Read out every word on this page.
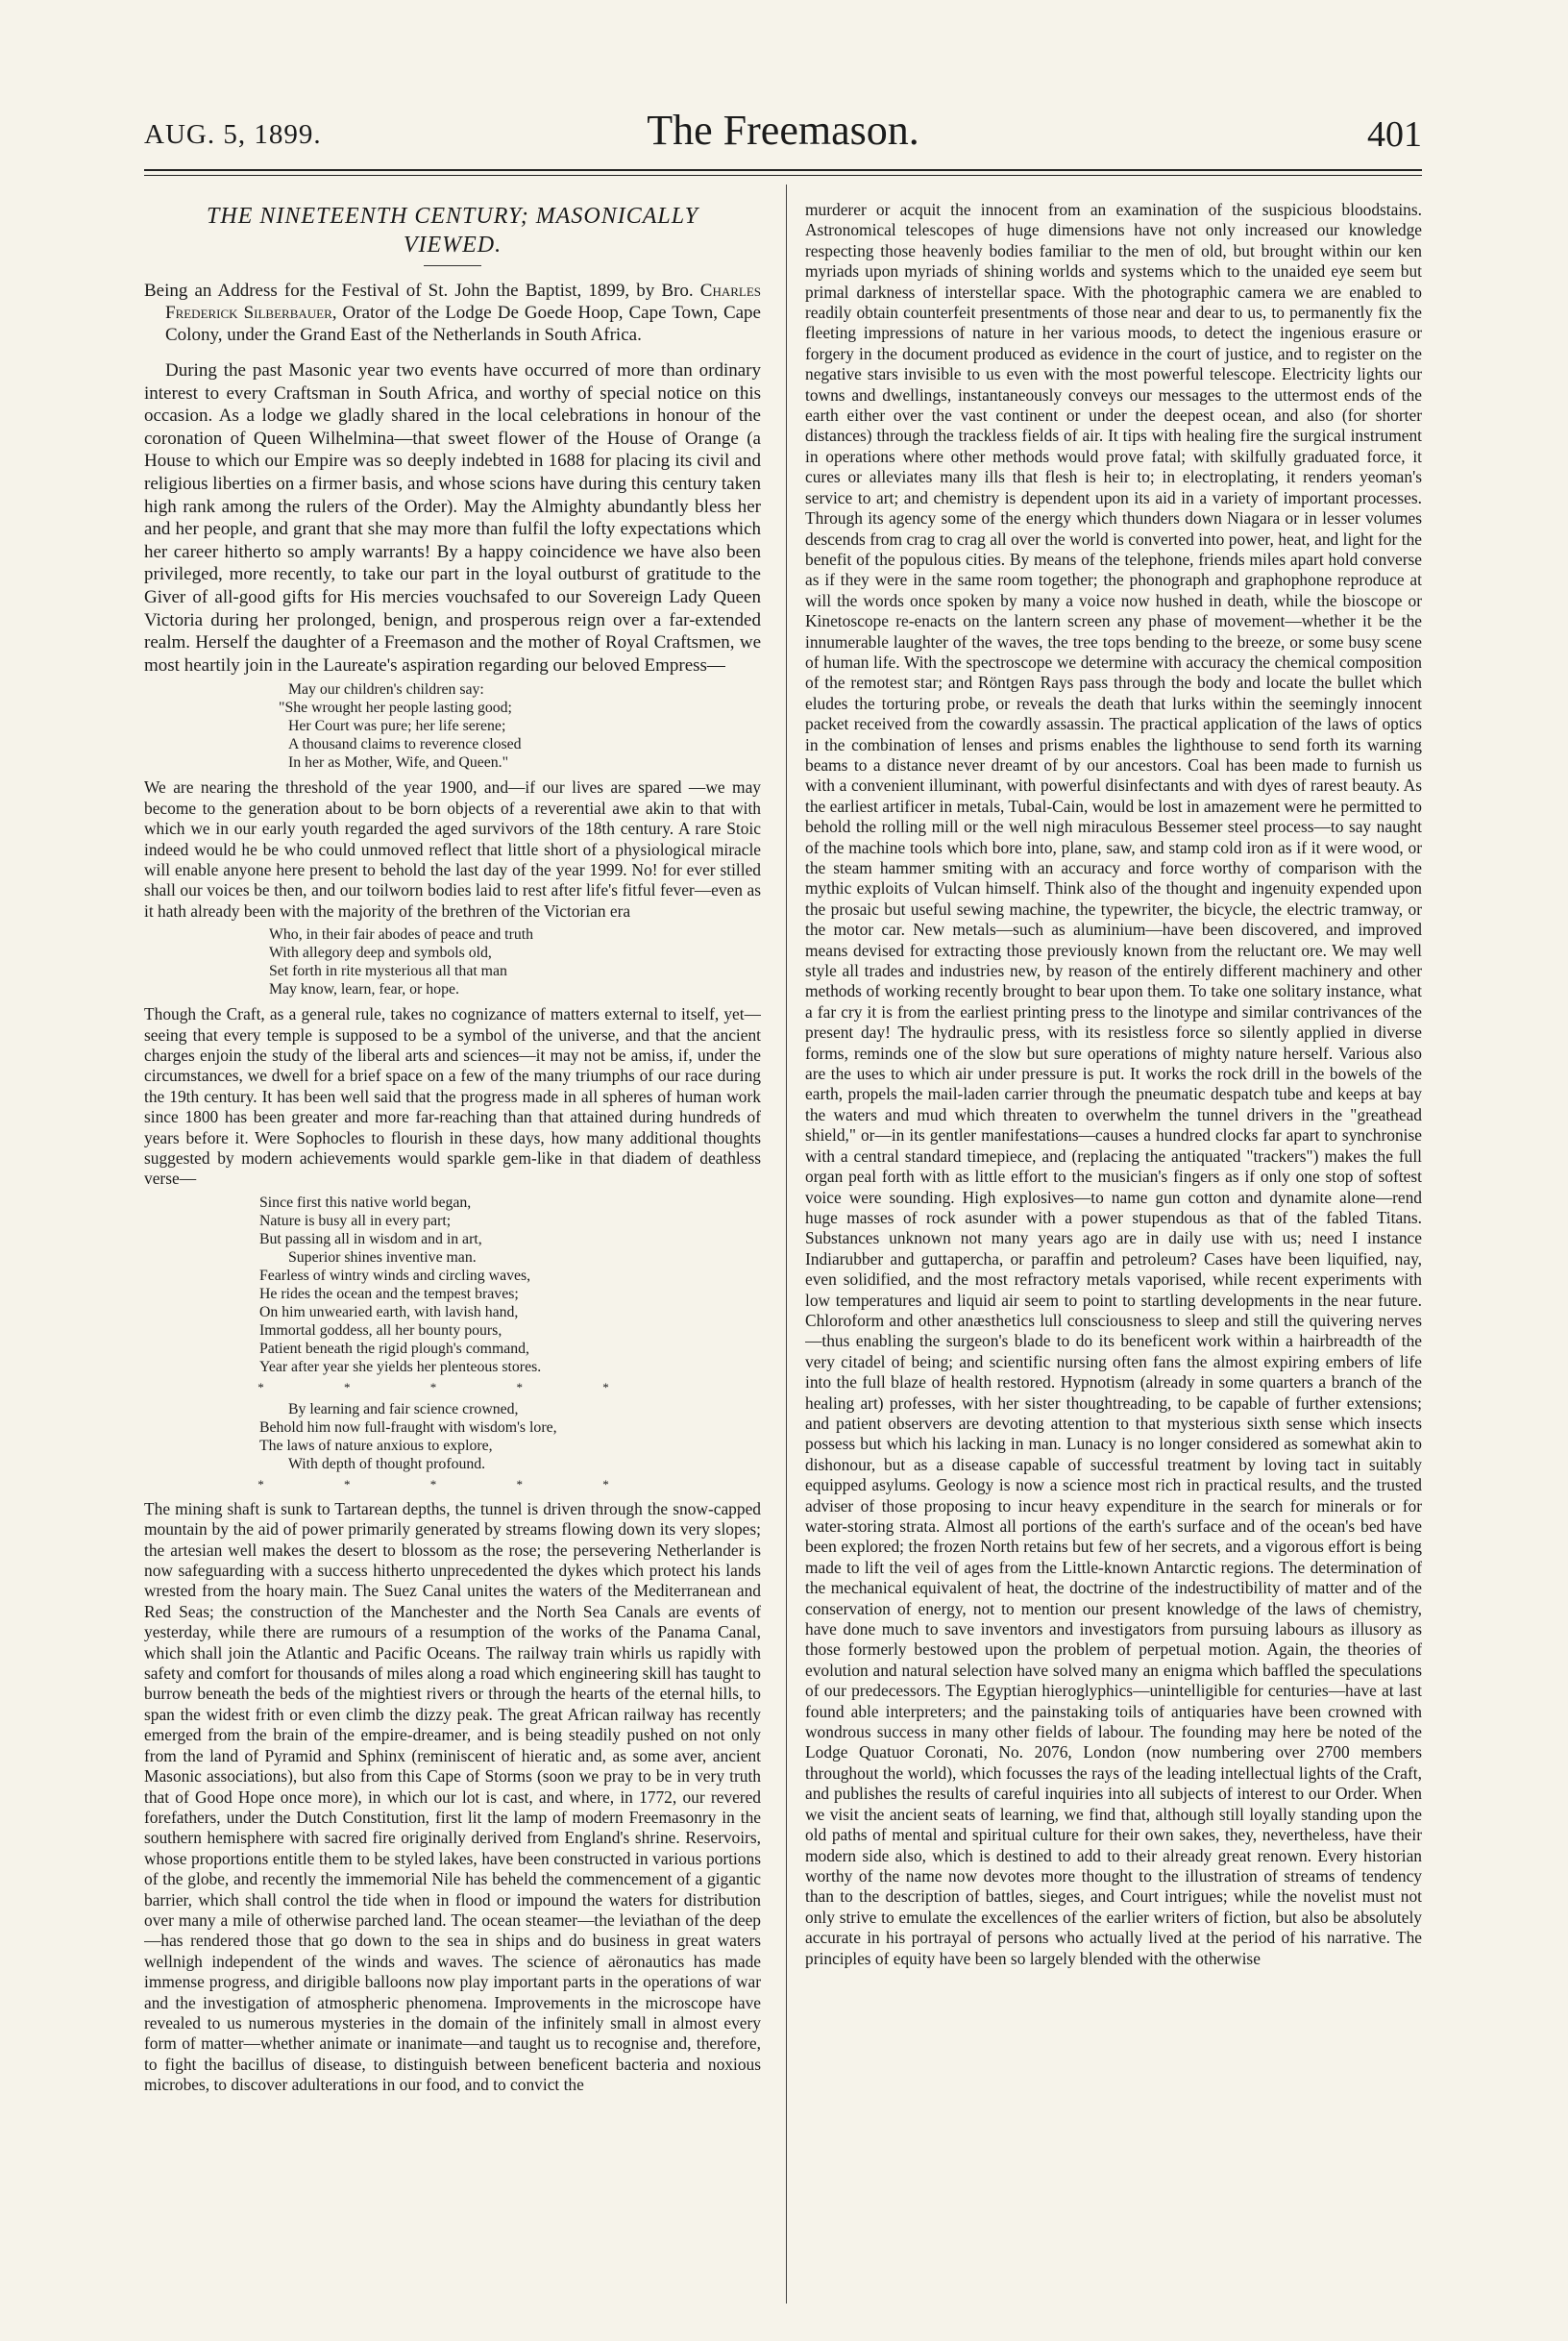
AUG. 5, 1899.	The Freemason.	401
THE NINETEENTH CENTURY; MASONICALLY
VIEWED.

Being an Address for the Festival of St. John the Baptist, 1899, by Bro. Charles Frederick Silberbauer, Orator of the Lodge De Goede Hoop, Cape Town, Cape Colony, under the Grand East of the Netherlands in South Africa.

During the past Masonic year two events have occurred of more than ordinary interest to every Craftsman in South Africa, and worthy of special notice on this occasion. As a lodge we gladly shared in the local celebrations in honour of the coronation of Queen Wilhelmina—that sweet flower of the House of Orange (a House to which our Empire was so deeply indebted in 1688 for placing its civil and religious liberties on a firmer basis, and whose scions have during this century taken high rank among the rulers of the Order). May the Almighty abundantly bless her and her people, and grant that she may more than fulfil the lofty expectations which her career hitherto so amply warrants! By a happy coincidence we have also been privileged, more recently, to take our part in the loyal outburst of gratitude to the Giver of all-good gifts for His mercies vouchsafed to our Sovereign Lady Queen Victoria during her prolonged, benign, and prosperous reign over a far-extended realm. Herself the daughter of a Freemason and the mother of Royal Craftsmen, we most heartily join in the Laureate's aspiration regarding our beloved Empress—

May our children's children say:
"She wrought her people lasting good;
Her Court was pure; her life serene;
A thousand claims to reverence closed
In her as Mother, Wife, and Queen."

We are nearing the threshold of the year 1900, and—if our lives are spared —we may become to the generation about to be born objects of a reverential awe akin to that with which we in our early youth regarded the aged survivors of the 18th century. A rare Stoic indeed would he be who could unmoved reflect that little short of a physiological miracle will enable anyone here present to behold the last day of the year 1999. No! for ever stilled shall our voices be then, and our toilworn bodies laid to rest after life's fitful fever—even as it hath already been with the majority of the brethren of the Victorian era

Who, in their fair abodes of peace and truth
With allegory deep and symbols old,
Set forth in rite mysterious all that man
May know, learn, fear, or hope.

Though the Craft, as a general rule, takes no cognizance of matters external to itself, yet—seeing that every temple is supposed to be a symbol of the universe, and that the ancient charges enjoin the study of the liberal arts and sciences—it may not be amiss, if, under the circumstances, we dwell for a brief space on a few of the many triumphs of our race during the 19th century. It has been well said that the progress made in all spheres of human work since 1800 has been greater and more far-reaching than that attained during hundreds of years before it. Were Sophocles to flourish in these days, how many additional thoughts suggested by modern achievements would sparkle gem-like in that diadem of deathless verse—

Since first this native world began,
Nature is busy all in every part;
But passing all in wisdom and in art,
Superior shines inventive man.
Fearless of wintry winds and circling waves,
He rides the ocean and the tempest braves;
On him unwearied earth, with lavish hand,
Immortal goddess, all her bounty pours,
Patient beneath the rigid plough's command,
Year after year she yields her plenteous stores.
* * * * *
By learning and fair science crowned,
Behold him now full-fraught with wisdom's lore,
The laws of nature anxious to explore,
With depth of thought profound.
* * * * *

The mining shaft is sunk to Tartarean depths, the tunnel is driven through the snow-capped mountain by the aid of power primarily generated by streams flowing down its very slopes; the artesian well makes the desert to blossom as the rose; the persevering Netherlander is now safeguarding with a success hitherto unprecedented the dykes which protect his lands wrested from the hoary main. The Suez Canal unites the waters of the Mediterranean and Red Seas; the construction of the Manchester and the North Sea Canals are events of yesterday, while there are rumours of a resumption of the works of the Panama Canal, which shall join the Atlantic and Pacific Oceans. The railway train whirls us rapidly with safety and comfort for thousands of miles along a road which engineering skill has taught to burrow beneath the beds of the mightiest rivers or through the hearts of the eternal hills, to span the widest frith or even climb the dizzy peak. The great African railway has recently emerged from the brain of the empire-dreamer, and is being steadily pushed on not only from the land of Pyramid and Sphinx (reminiscent of hieratic and, as some aver, ancient Masonic associations), but also from this Cape of Storms (soon we pray to be in very truth that of Good Hope once more), in which our lot is cast, and where, in 1772, our revered forefathers, under the Dutch Constitution, first lit the lamp of modern Freemasonry in the southern hemisphere with sacred fire originally derived from England's shrine. Reservoirs, whose proportions entitle them to be styled lakes, have been constructed in various portions of the globe, and recently the immemorial Nile has beheld the commencement of a gigantic barrier, which shall control the tide when in flood or impound the waters for distribution over many a mile of otherwise parched land. The ocean steamer—the leviathan of the deep—has rendered those that go down to the sea in ships and do business in great waters wellnigh independent of the winds and waves. The science of aëronautics has made immense progress, and dirigible balloons now play important parts in the operations of war and the investigation of atmospheric phenomena. Improvements in the microscope have revealed to us numerous mysteries in the domain of the infinitely small in almost every form of matter—whether animate or inanimate—and taught us to recognise and, therefore, to fight the bacillus of disease, to distinguish between beneficent bacteria and noxious microbes, to discover adulterations in our food, and to convict the

murderer or acquit the innocent from an examination of the suspicious bloodstains. Astronomical telescopes of huge dimensions have not only increased our knowledge respecting those heavenly bodies familiar to the men of old, but brought within our ken myriads upon myriads of shining worlds and systems which to the unaided eye seem but primal darkness of interstellar space. With the photographic camera we are enabled to readily obtain counterfeit presentments of those near and dear to us, to permanently fix the fleeting impressions of nature in her various moods, to detect the ingenious erasure or forgery in the document produced as evidence in the court of justice, and to register on the negative stars invisible to us even with the most powerful telescope. Electricity lights our towns and dwellings, instantaneously conveys our messages to the uttermost ends of the earth either over the vast continent or under the deepest ocean, and also (for shorter distances) through the trackless fields of air. It tips with healing fire the surgical instrument in operations where other methods would prove fatal; with skilfully graduated force, it cures or alleviates many ills that flesh is heir to; in electroplating, it renders yeoman's service to art; and chemistry is dependent upon its aid in a variety of important processes. Through its agency some of the energy which thunders down Niagara or in lesser volumes descends from crag to crag all over the world is converted into power, heat, and light for the benefit of the populous cities. By means of the telephone, friends miles apart hold converse as if they were in the same room together; the phonograph and graphophone reproduce at will the words once spoken by many a voice now hushed in death, while the bioscope or Kinetoscope re-enacts on the lantern screen any phase of movement—whether it be the innumerable laughter of the waves, the tree tops bending to the breeze, or some busy scene of human life. With the spectroscope we determine with accuracy the chemical composition of the remotest star; and Röntgen Rays pass through the body and locate the bullet which eludes the torturing probe, or reveals the death that lurks within the seemingly innocent packet received from the cowardly assassin. The practical application of the laws of optics in the combination of lenses and prisms enables the lighthouse to send forth its warning beams to a distance never dreamt of by our ancestors. Coal has been made to furnish us with a convenient illuminant, with powerful disinfectants and with dyes of rarest beauty. As the earliest artificer in metals, Tubal-Cain, would be lost in amazement were he permitted to behold the rolling mill or the well nigh miraculous Bessemer steel process—to say naught of the machine tools which bore into, plane, saw, and stamp cold iron as if it were wood, or the steam hammer smiting with an accuracy and force worthy of comparison with the mythic exploits of Vulcan himself. Think also of the thought and ingenuity expended upon the prosaic but useful sewing machine, the typewriter, the bicycle, the electric tramway, or the motor car. New metals—such as aluminium—have been discovered, and improved means devised for extracting those previously known from the reluctant ore. We may well style all trades and industries new, by reason of the entirely different machinery and other methods of working recently brought to bear upon them. To take one solitary instance, what a far cry it is from the earliest printing press to the linotype and similar contrivances of the present day! The hydraulic press, with its resistless force so silently applied in diverse forms, reminds one of the slow but sure operations of mighty nature herself. Various also are the uses to which air under pressure is put. It works the rock drill in the bowels of the earth, propels the mail-laden carrier through the pneumatic despatch tube and keeps at bay the waters and mud which threaten to overwhelm the tunnel drivers in the "greathead shield," or—in its gentler manifestations—causes a hundred clocks far apart to synchronise with a central standard timepiece, and (replacing the antiquated "trackers") makes the full organ peal forth with as little effort to the musician's fingers as if only one stop of softest voice were sounding. High explosives—to name gun cotton and dynamite alone—rend huge masses of rock asunder with a power stupendous as that of the fabled Titans. Substances unknown not many years ago are in daily use with us; need I instance Indiarubber and guttapercha, or paraffin and petroleum? Cases have been liquified, nay, even solidified, and the most refractory metals vaporised, while recent experiments with low temperatures and liquid air seem to point to startling developments in the near future. Chloroform and other anæsthetics lull consciousness to sleep and still the quivering nerves—thus enabling the surgeon's blade to do its beneficent work within a hairbreadth of the very citadel of being; and scientific nursing often fans the almost expiring embers of life into the full blaze of health restored. Hypnotism (already in some quarters a branch of the healing art) professes, with her sister thoughtreading, to be capable of further extensions; and patient observers are devoting attention to that mysterious sixth sense which insects possess but which his lacking in man. Lunacy is no longer considered as somewhat akin to dishonour, but as a disease capable of successful treatment by loving tact in suitably equipped asylums. Geology is now a science most rich in practical results, and the trusted adviser of those proposing to incur heavy expenditure in the search for minerals or for water-storing strata. Almost all portions of the earth's surface and of the ocean's bed have been explored; the frozen North retains but few of her secrets, and a vigorous effort is being made to lift the veil of ages from the Little-known Antarctic regions. The determination of the mechanical equivalent of heat, the doctrine of the indestructibility of matter and of the conservation of energy, not to mention our present knowledge of the laws of chemistry, have done much to save inventors and investigators from pursuing labours as illusory as those formerly bestowed upon the problem of perpetual motion. Again, the theories of evolution and natural selection have solved many an enigma which baffled the speculations of our predecessors. The Egyptian hieroglyphics—unintelligible for centuries—have at last found able interpreters; and the painstaking toils of antiquaries have been crowned with wondrous success in many other fields of labour. The founding may here be noted of the Lodge Quatuor Coronati, No. 2076, London (now numbering over 2700 members throughout the world), which focusses the rays of the leading intellectual lights of the Craft, and publishes the results of careful inquiries into all subjects of interest to our Order. When we visit the ancient seats of learning, we find that, although still loyally standing upon the old paths of mental and spiritual culture for their own sakes, they, nevertheless, have their modern side also, which is destined to add to their already great renown. Every historian worthy of the name now devotes more thought to the illustration of streams of tendency than to the description of battles, sieges, and Court intrigues; while the novelist must not only strive to emulate the excellences of the earlier writers of fiction, but also be absolutely accurate in his portrayal of persons who actually lived at the period of his narrative. The principles of equity have been so largely blended with the otherwise
